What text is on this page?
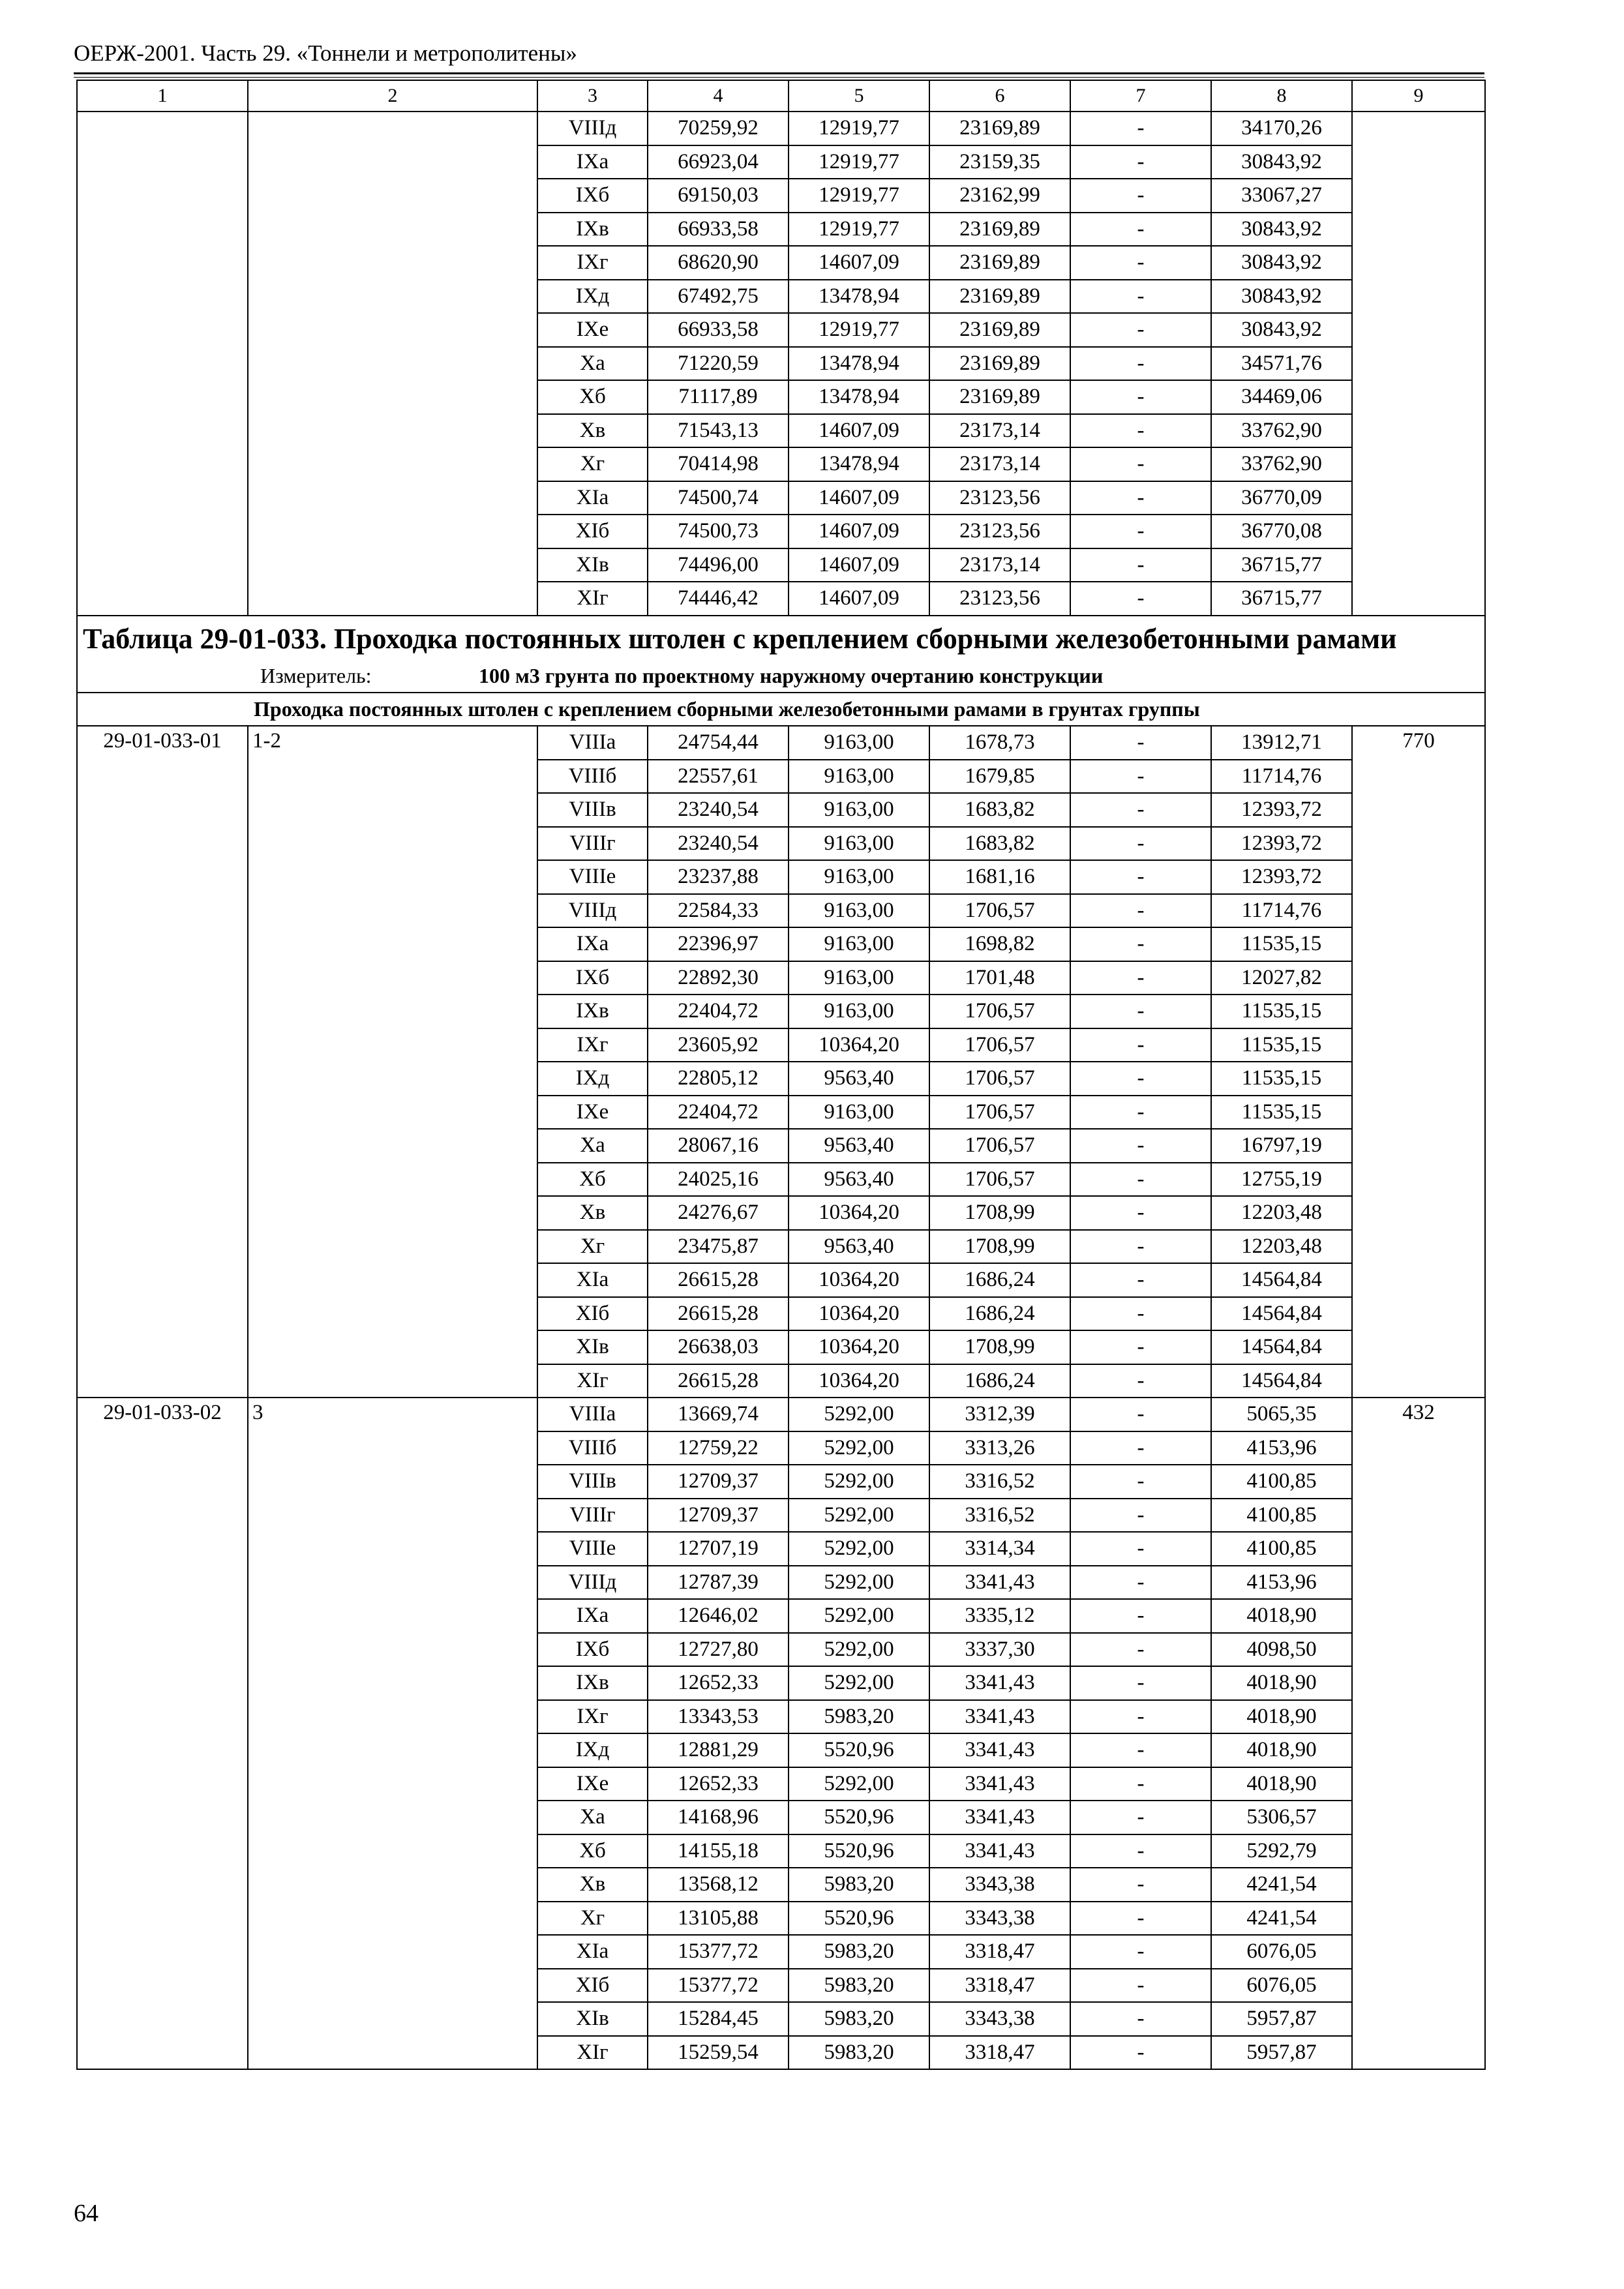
ОЕРЖ-2001. Часть 29. «Тоннели и метрополитены»
1	2	3	4	5	6	7	8	9
		VIIIд	70259,92	12919,77	23169,89	-	34170,26	
		IXа	66923,04	12919,77	23159,35	-	30843,92	
		IXб	69150,03	12919,77	23162,99	-	33067,27	
		IXв	66933,58	12919,77	23169,89	-	30843,92	
		IXг	68620,90	14607,09	23169,89	-	30843,92	
		IXд	67492,75	13478,94	23169,89	-	30843,92	
		IXе	66933,58	12919,77	23169,89	-	30843,92	
		Xа	71220,59	13478,94	23169,89	-	34571,76	
		Xб	71117,89	13478,94	23169,89	-	34469,06	
		Xв	71543,13	14607,09	23173,14	-	33762,90	
		Xг	70414,98	13478,94	23173,14	-	33762,90	
		XIа	74500,74	14607,09	23123,56	-	36770,09	
		XIб	74500,73	14607,09	23123,56	-	36770,08	
		XIв	74496,00	14607,09	23173,14	-	36715,77	
		XIг	74446,42	14607,09	23123,56	-	36715,77	

Таблица 29-01-033. Проходка постоянных штолен с креплением сборными железобетонными рамами
Измеритель: 100 м3 грунта по проектному наружному очертанию конструкции								

Проходка постоянных штолен с креплением сборными железобетонными рамами в грунтах группы								
29-01-033-01	1-2	VIIIа	24754,44	9163,00	1678,73	-	13912,71	770
		VIIIб	22557,61	9163,00	1679,85	-	11714,76	
		VIIIв	23240,54	9163,00	1683,82	-	12393,72	
		VIIIг	23240,54	9163,00	1683,82	-	12393,72	
		VIIIе	23237,88	9163,00	1681,16	-	12393,72	
		VIIIд	22584,33	9163,00	1706,57	-	11714,76	
		IXа	22396,97	9163,00	1698,82	-	11535,15	
		IXб	22892,30	9163,00	1701,48	-	12027,82	
		IXв	22404,72	9163,00	1706,57	-	11535,15	
		IXг	23605,92	10364,20	1706,57	-	11535,15	
		IXд	22805,12	9563,40	1706,57	-	11535,15	
		IXе	22404,72	9163,00	1706,57	-	11535,15	
		Xа	28067,16	9563,40	1706,57	-	16797,19	
		Xб	24025,16	9563,40	1706,57	-	12755,19	
		Xв	24276,67	10364,20	1708,99	-	12203,48	
		Xг	23475,87	9563,40	1708,99	-	12203,48	
		XIа	26615,28	10364,20	1686,24	-	14564,84	
		XIб	26615,28	10364,20	1686,24	-	14564,84	
		XIв	26638,03	10364,20	1708,99	-	14564,84	
		XIг	26615,28	10364,20	1686,24	-	14564,84	
29-01-033-02	3	VIIIа	13669,74	5292,00	3312,39	-	5065,35	432
		VIIIб	12759,22	5292,00	3313,26	-	4153,96	
		VIIIв	12709,37	5292,00	3316,52	-	4100,85	
		VIIIг	12709,37	5292,00	3316,52	-	4100,85	
		VIIIе	12707,19	5292,00	3314,34	-	4100,85	
		VIIIд	12787,39	5292,00	3341,43	-	4153,96	
		IXа	12646,02	5292,00	3335,12	-	4018,90	
		IXб	12727,80	5292,00	3337,30	-	4098,50	
		IXв	12652,33	5292,00	3341,43	-	4018,90	
		IXг	13343,53	5983,20	3341,43	-	4018,90	
		IXд	12881,29	5520,96	3341,43	-	4018,90	
		IXе	12652,33	5292,00	3341,43	-	4018,90	
		Xа	14168,96	5520,96	3341,43	-	5306,57	
		Xб	14155,18	5520,96	3341,43	-	5292,79	
		Xв	13568,12	5983,20	3343,38	-	4241,54	
		Xг	13105,88	5520,96	3343,38	-	4241,54	
		XIа	15377,72	5983,20	3318,47	-	6076,05	
		XIб	15377,72	5983,20	3318,47	-	6076,05	
		XIв	15284,45	5983,20	3343,38	-	5957,87	
		XIг	15259,54	5983,20	3318,47	-	5957,87	
64
